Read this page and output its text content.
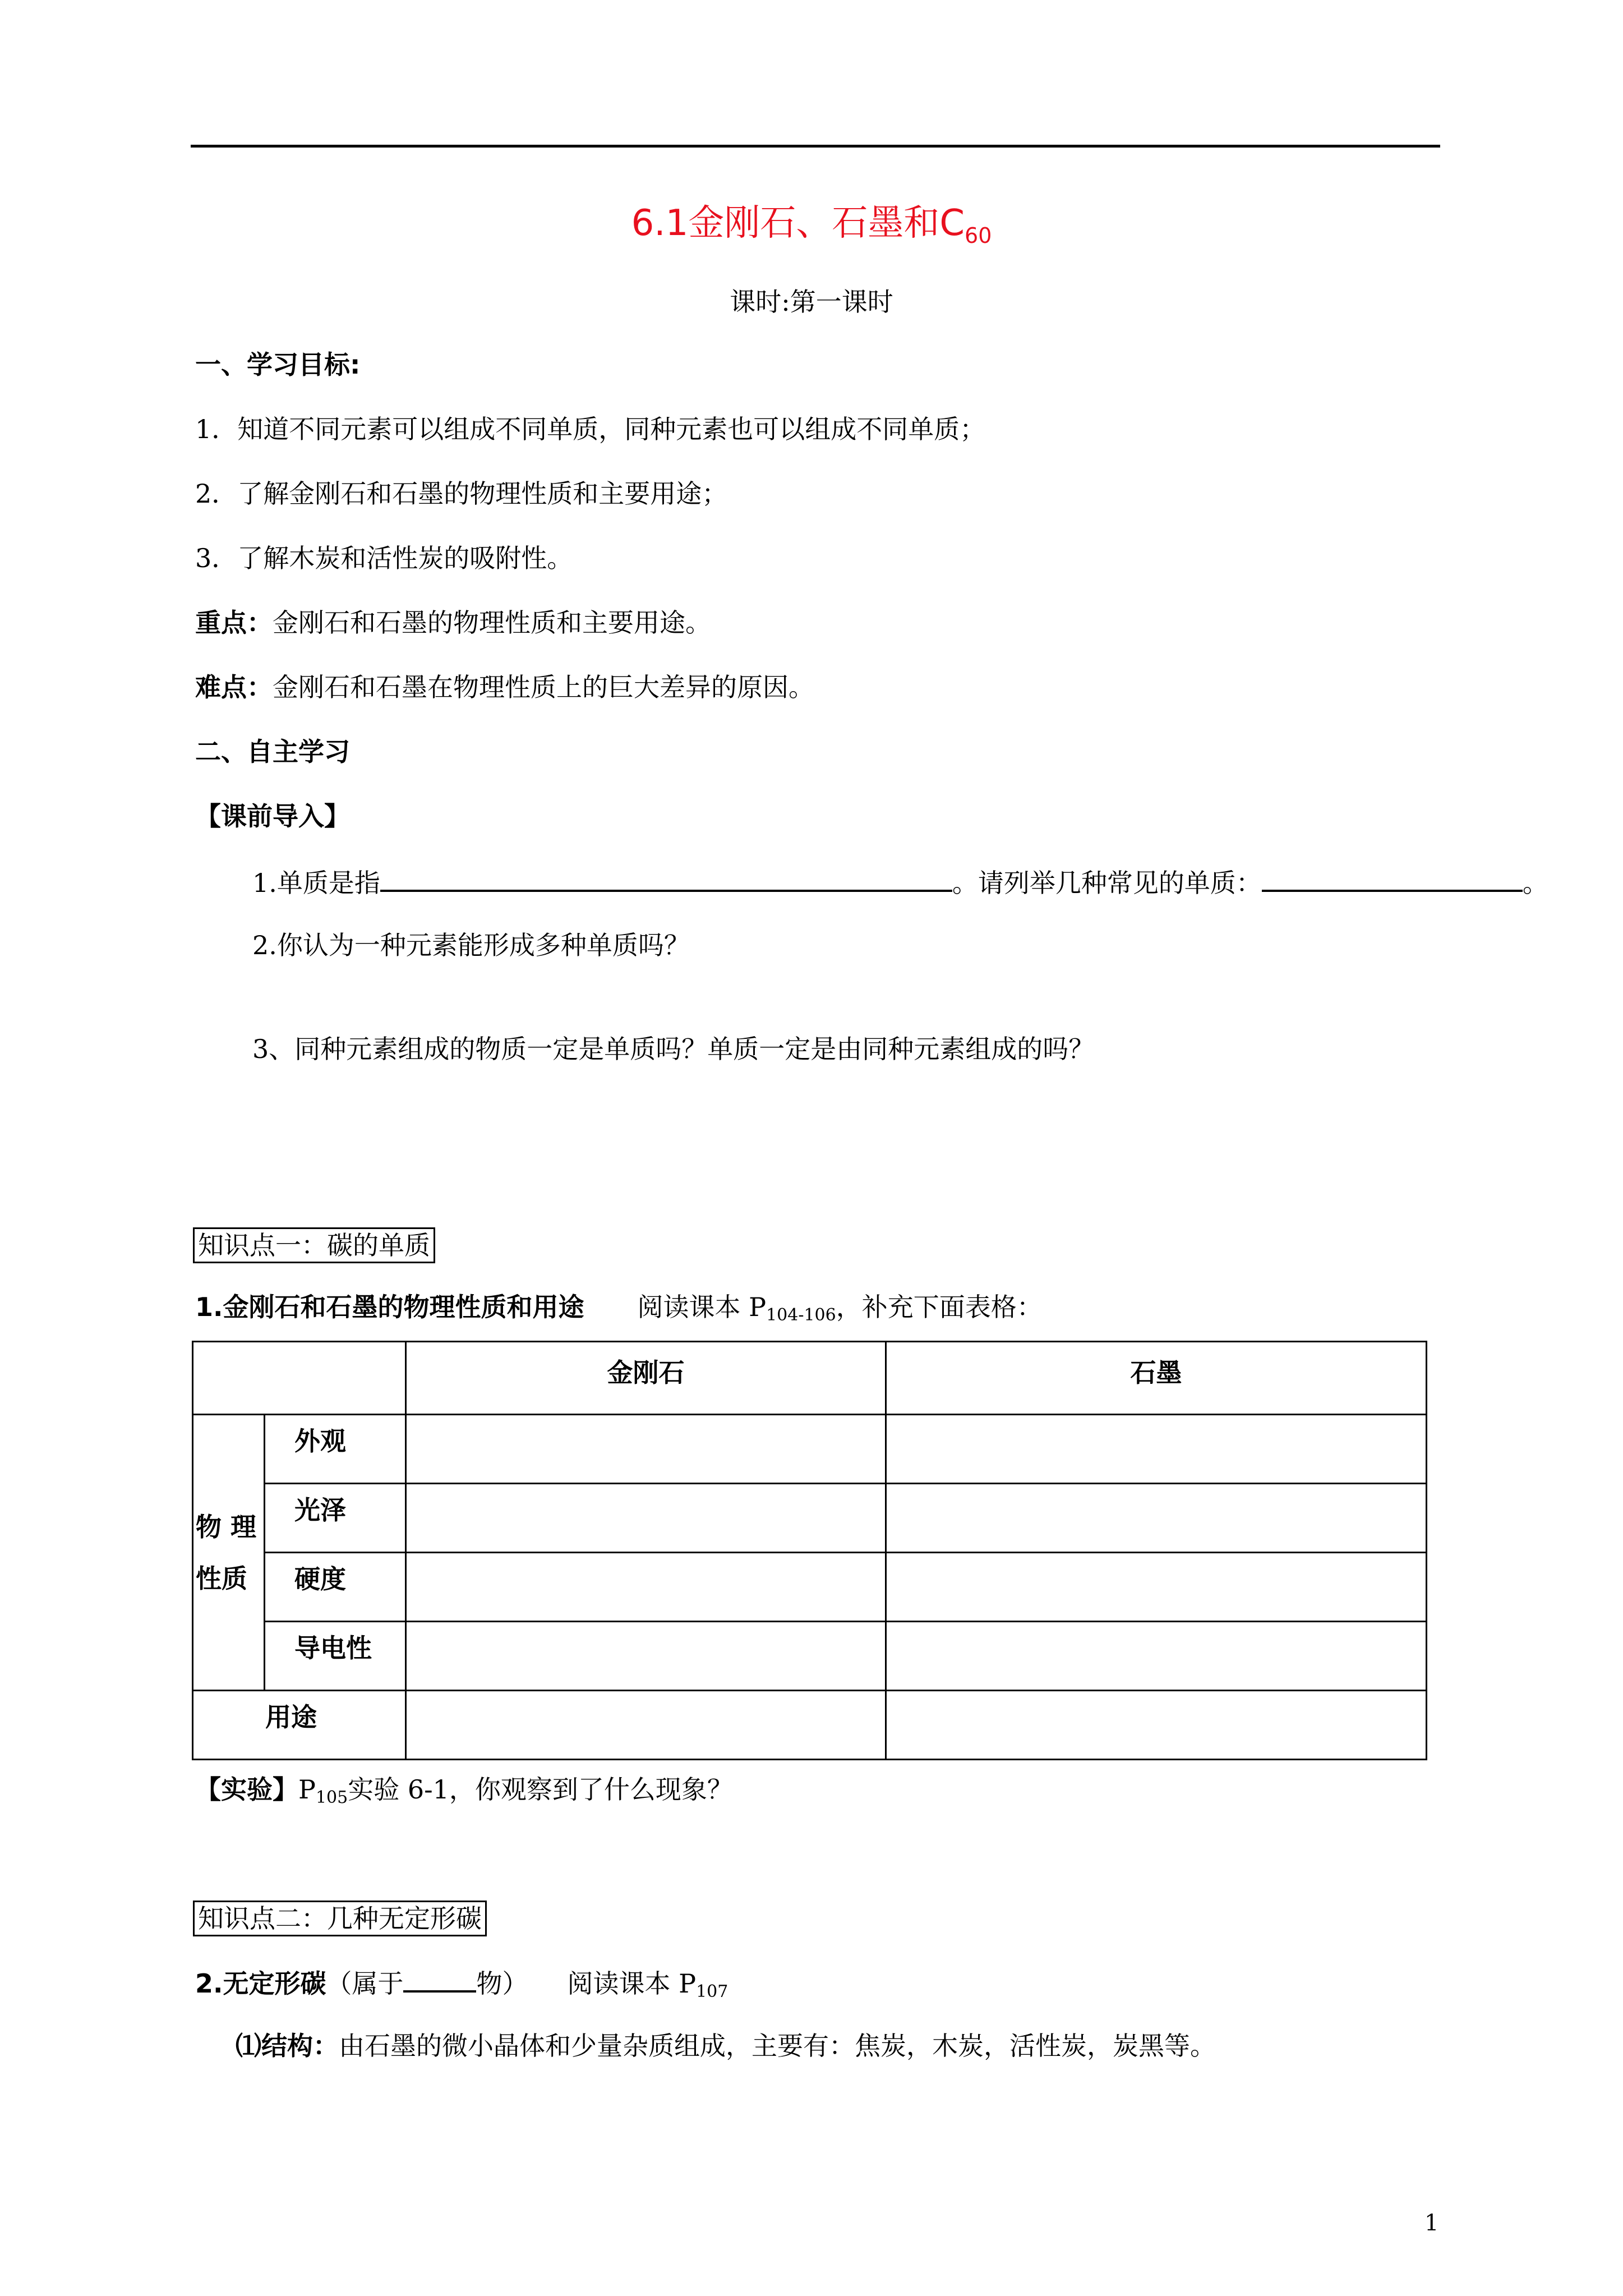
6.1金刚石、石墨和$C_{60}$
课时:第一课时
一、学习目标:
1．知道不同元素可以组成不同单质，同种元素也可以组成不同单质；
2．了解金刚石和石墨的物理性质和主要用途；
3．了解木炭和活性炭的吸附性。
重点：金刚石和石墨的物理性质和主要用途。
难点：金刚石和石墨在物理性质上的巨大差异的原因。
二、自主学习
【课前导入】
1.单质是指	。请列举几种常见的单质：	。
2.你认为一种元素能形成多种单质吗？
3、同种元素组成的物质一定是单质吗？单质一定是由同种元素组成的吗？
知识点一：碳的单质
1.金刚石和石墨的物理性质和用途 阅读课本 $P_{104-106}$，补充下面表格：
		金刚石	石墨
物 理
性质	外观		
	光泽		
	硬度		
	导电性		
用途			
【实验】$P_{105}$实验 6-1，你观察到了什么现象？
知识点二：几种无定形碳
2.无定形碳（属于	物） 阅读课本 $P_{107}$
⑴结构：由石墨的微小晶体和少量杂质组成，主要有：焦炭，木炭，活性炭，炭黑等。
1
